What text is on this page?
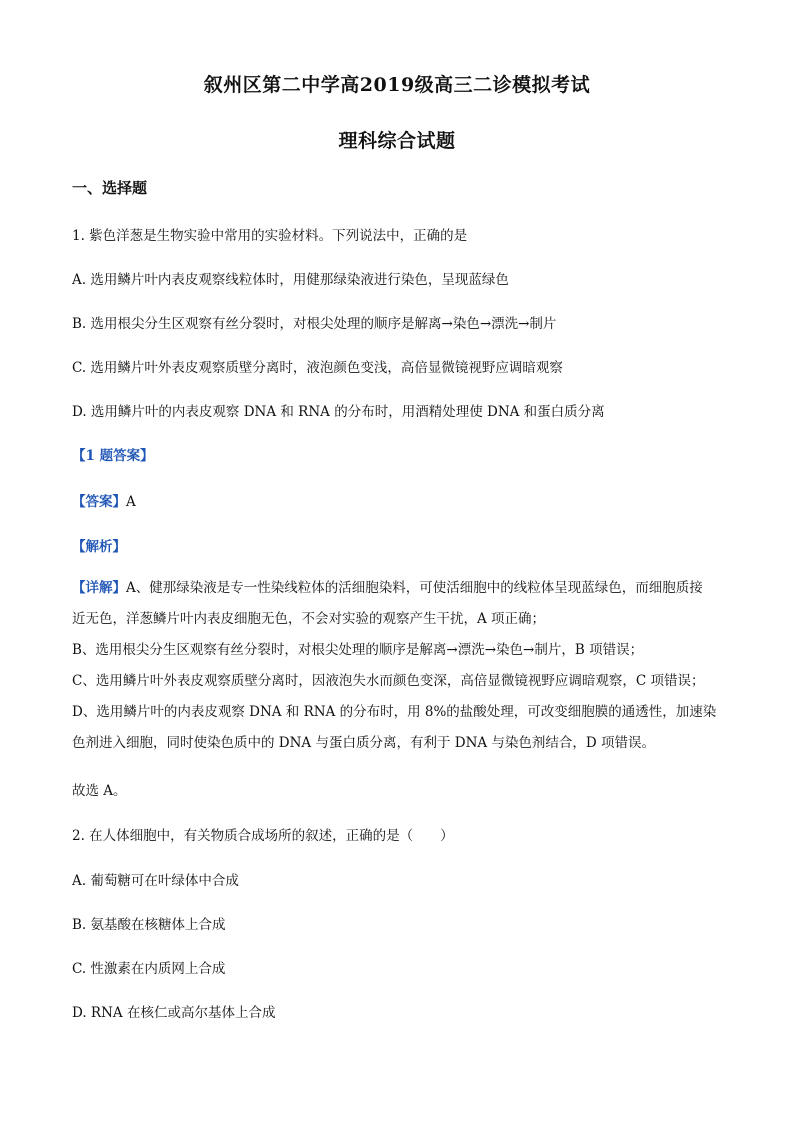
叙州区第二中学高2019级高三二诊模拟考试
理科综合试题
一、选择题
1. 紫色洋葱是生物实验中常用的实验材料。下列说法中，正确的是
A. 选用鳞片叶内表皮观察线粒体时，用健那绿染液进行染色，呈现蓝绿色
B. 选用根尖分生区观察有丝分裂时，对根尖处理的顺序是解离→染色→漂洗→制片
C. 选用鳞片叶外表皮观察质壁分离时，液泡颜色变浅，高倍显微镜视野应调暗观察
D. 选用鳞片叶的内表皮观察 DNA 和 RNA 的分布时，用酒精处理使 DNA 和蛋白质分离
【1 题答案】
【答案】A
【解析】

【详解】A、健那绿染液是专一性染线粒体的活细胞染料，可使活细胞中的线粒体呈现蓝绿色，而细胞质接

近无色，洋葱鳞片叶内表皮细胞无色，不会对实验的观察产生干扰，A 项正确；

B、选用根尖分生区观察有丝分裂时，对根尖处理的顺序是解离→漂洗→染色→制片，B 项错误；

C、选用鳞片叶外表皮观察质壁分离时，因液泡失水而颜色变深，高倍显微镜视野应调暗观察，C 项错误；

D、选用鳞片叶的内表皮观察 DNA 和 RNA 的分布时，用 8%的盐酸处理，可改变细胞膜的通透性，加速染

色剂进入细胞，同时使染色质中的 DNA 与蛋白质分离，有利于 DNA 与染色剂结合，D 项错误。

故选 A。
2. 在人体细胞中，有关物质合成场所的叙述，正确的是（　　）
A. 葡萄糖可在叶绿体中合成
B. 氨基酸在核糖体上合成
C. 性激素在内质网上合成
D. RNA 在核仁或高尔基体上合成
